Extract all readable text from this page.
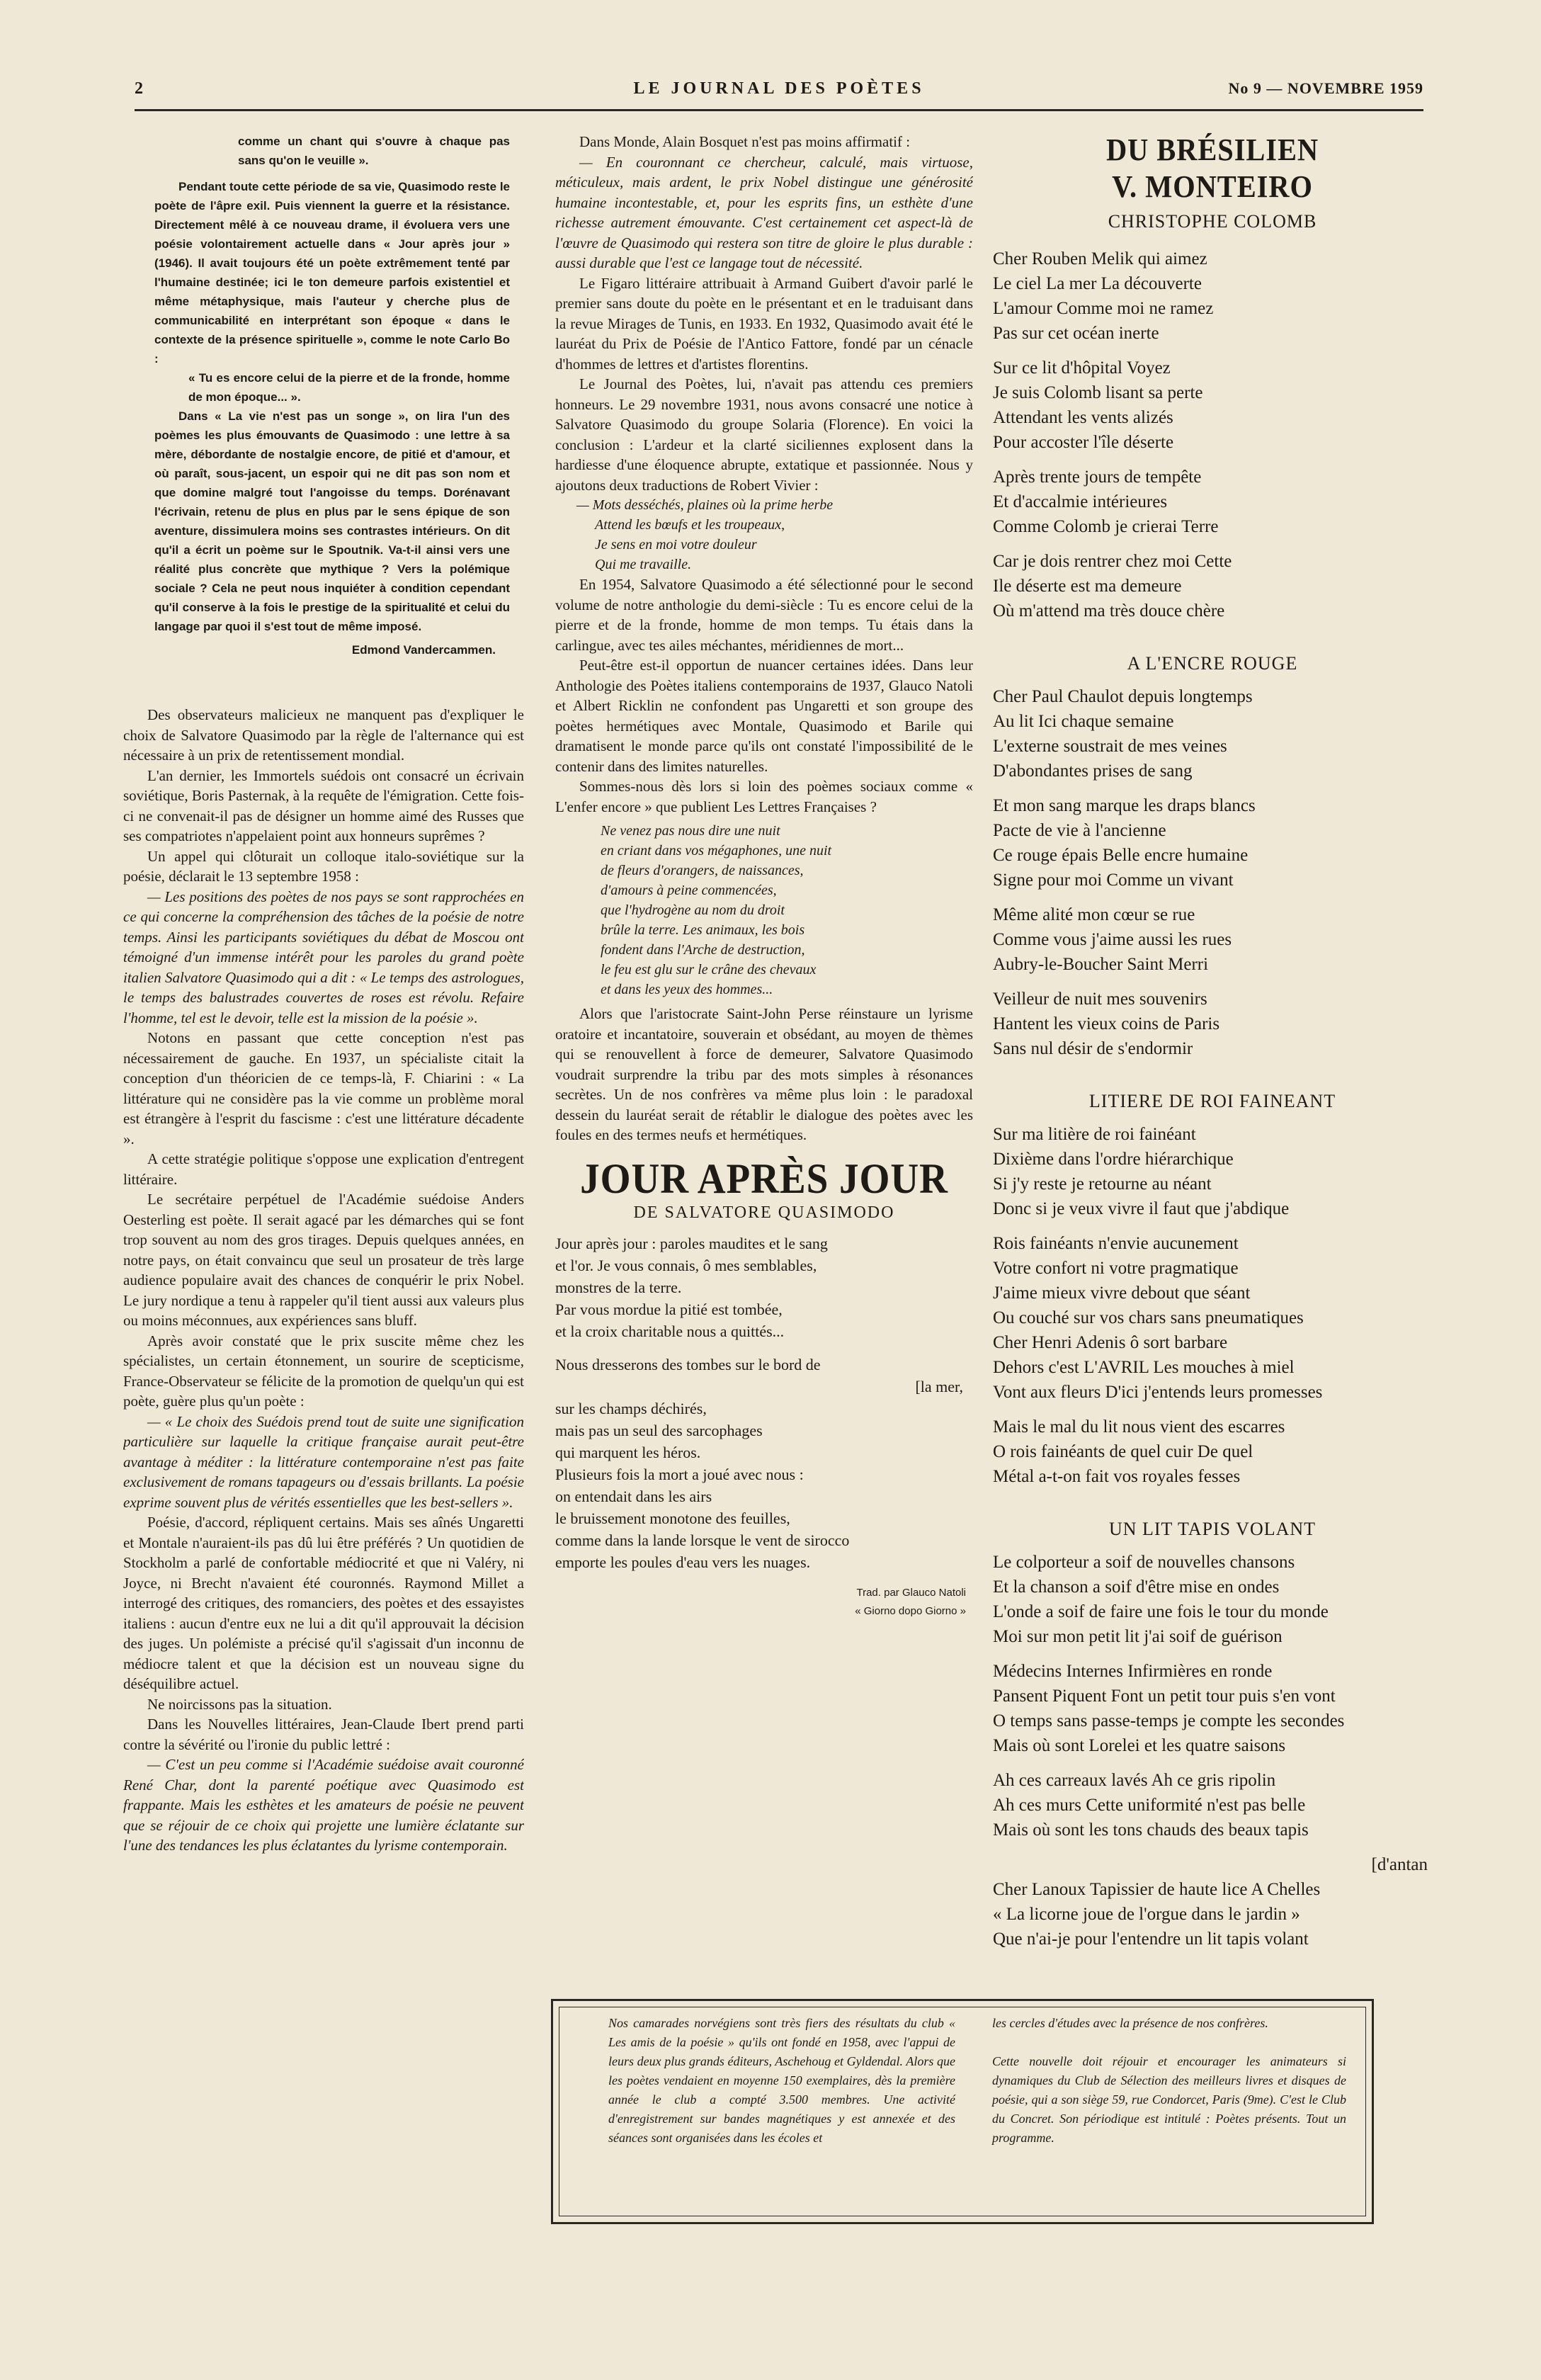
2	LE JOURNAL DES POÈTES	No 9 — NOVEMBRE 1959

comme un chant qui s'ouvre à chaque pas sans qu'on le veuille ».

Pendant toute cette période de sa vie, Quasimodo reste le poète de l'âpre exil. Puis viennent la guerre et la résistance. Directement mêlé à ce nouveau drame, il évoluera vers une poésie volontairement actuelle dans « Jour après jour » (1946). Il avait toujours été un poète extrêmement tenté par l'humaine destinée; ici le ton demeure parfois existentiel et même métaphysique, mais l'auteur y cherche plus de communicabilité en interprétant son époque « dans le contexte de la présence spirituelle », comme le note Carlo Bo :

« Tu es encore celui de la pierre et de la fronde, homme de mon époque... ».

Dans « La vie n'est pas un songe », on lira l'un des poèmes les plus émouvants de Quasimodo : une lettre à sa mère, débordante de nostalgie encore, de pitié et d'amour, et où paraît, sous-jacent, un espoir qui ne dit pas son nom et que domine malgré tout l'angoisse du temps. Dorénavant l'écrivain, retenu de plus en plus par le sens épique de son aventure, dissimulera moins ses contrastes intérieurs. On dit qu'il a écrit un poème sur le Spoutnik. Va-t-il ainsi vers une réalité plus concrète que mythique ? Vers la polémique sociale ? Cela ne peut nous inquiéter à condition cependant qu'il conserve à la fois le prestige de la spiritualité et celui du langage par quoi il s'est tout de même imposé.

Edmond Vandercammen.

Des observateurs malicieux ne manquent pas d'expliquer le choix de Salvatore Quasimodo par la règle de l'alternance qui est nécessaire à un prix de retentissement mondial.

L'an dernier, les Immortels suédois ont consacré un écrivain soviétique, Boris Pasternak, à la requête de l'émigration. Cette fois-ci ne convenait-il pas de désigner un homme aimé des Russes que ses compatriotes n'appelaient point aux honneurs suprêmes ?

Un appel qui clôturait un colloque italo-soviétique sur la poésie, déclarait le 13 septembre 1958 :

— Les positions des poètes de nos pays se sont rapprochées en ce qui concerne la compréhension des tâches de la poésie de notre temps. Ainsi les participants soviétiques du débat de Moscou ont témoigné d'un immense intérêt pour les paroles du grand poète italien Salvatore Quasimodo qui a dit : « Le temps des astrologues, le temps des balustrades couvertes de roses est révolu. Refaire l'homme, tel est le devoir, telle est la mission de la poésie ».

Notons en passant que cette conception n'est pas nécessairement de gauche. En 1937, un spécialiste citait la conception d'un théoricien de ce temps-là, F. Chiarini : « La littérature qui ne considère pas la vie comme un problème moral est étrangère à l'esprit du fascisme : c'est une littérature décadente ».

A cette stratégie politique s'oppose une explication d'entregent littéraire.

Le secrétaire perpétuel de l'Académie suédoise Anders Oesterling est poète. Il serait agacé par les démarches qui se font trop souvent au nom des gros tirages. Depuis quelques années, en notre pays, on était convaincu que seul un prosateur de très large audience populaire avait des chances de conquérir le prix Nobel. Le jury nordique a tenu à rappeler qu'il tient aussi aux valeurs plus ou moins méconnues, aux expériences sans bluff.

Après avoir constaté que le prix suscite même chez les spécialistes, un certain étonnement, un sourire de scepticisme, France-Observateur se félicite de la promotion de quelqu'un qui est poète, guère plus qu'un poète :

— « Le choix des Suédois prend tout de suite une signification particulière sur laquelle la critique française aurait peut-être avantage à méditer : la littérature contemporaine n'est pas faite exclusivement de romans tapageurs ou d'essais brillants. La poésie exprime souvent plus de vérités essentielles que les best-sellers ».

Poésie, d'accord, répliquent certains. Mais ses aînés Ungaretti et Montale n'auraient-ils pas dû lui être préférés ? Un quotidien de Stockholm a parlé de confortable médiocrité et que ni Valéry, ni Joyce, ni Brecht n'avaient été couronnés. Raymond Millet a interrogé des critiques, des romanciers, des poètes et des essayistes italiens : aucun d'entre eux ne lui a dit qu'il approuvait la décision des juges. Un polémiste a précisé qu'il s'agissait d'un inconnu de médiocre talent et que la décision est un nouveau signe du déséquilibre actuel.

Ne noircissons pas la situation.

Dans les Nouvelles littéraires, Jean-Claude Ibert prend parti contre la sévérité ou l'ironie du public lettré :

— C'est un peu comme si l'Académie suédoise avait couronné René Char, dont la parenté poétique avec Quasimodo est frappante. Mais les esthètes et les amateurs de poésie ne peuvent que se réjouir de ce choix qui projette une lumière éclatante sur l'une des tendances les plus éclatantes du lyrisme contemporain.

Dans Monde, Alain Bosquet n'est pas moins affirmatif :

— En couronnant ce chercheur, calculé, mais virtuose, méticuleux, mais ardent, le prix Nobel distingue une générosité humaine incontestable, et, pour les esprits fins, un esthète d'une richesse autrement émouvante. C'est certainement cet aspect-là de l'œuvre de Quasimodo qui restera son titre de gloire le plus durable : aussi durable que l'est ce langage tout de nécessité.

Le Figaro littéraire attribuait à Armand Guibert d'avoir parlé le premier sans doute du poète en le présentant et en le traduisant dans la revue Mirages de Tunis, en 1933. En 1932, Quasimodo avait été le lauréat du Prix de Poésie de l'Antico Fattore, fondé par un cénacle d'hommes de lettres et d'artistes florentins.

Le Journal des Poètes, lui, n'avait pas attendu ces premiers honneurs. Le 29 novembre 1931, nous avons consacré une notice à Salvatore Quasimodo du groupe Solaria (Florence). En voici la conclusion : L'ardeur et la clarté siciliennes explosent dans la hardiesse d'une éloquence abrupte, extatique et passionnée. Nous y ajoutons deux traductions de Robert Vivier :

— Mots desséchés, plaines où la prime herbe

Attend les bœufs et les troupeaux,

Je sens en moi votre douleur

Qui me travaille.

En 1954, Salvatore Quasimodo a été sélectionné pour le second volume de notre anthologie du demi-siècle : Tu es encore celui de la pierre et de la fronde, homme de mon temps. Tu étais dans la carlingue, avec tes ailes méchantes, méridiennes de mort...

Peut-être est-il opportun de nuancer certaines idées. Dans leur Anthologie des Poètes italiens contemporains de 1937, Glauco Natoli et Albert Ricklin ne confondent pas Ungaretti et son groupe des poètes hermétiques avec Montale, Quasimodo et Barile qui dramatisent le monde parce qu'ils ont constaté l'impossibilité de le contenir dans des limites naturelles.

Sommes-nous dès lors si loin des poèmes sociaux comme « L'enfer encore » que publient Les Lettres Françaises ?

Ne venez pas nous dire une nuit

en criant dans vos mégaphones, une nuit

de fleurs d'orangers, de naissances,

d'amours à peine commencées,

que l'hydrogène au nom du droit

brûle la terre. Les animaux, les bois

fondent dans l'Arche de destruction,

le feu est glu sur le crâne des chevaux

et dans les yeux des hommes...

Alors que l'aristocrate Saint-John Perse réinstaure un lyrisme oratoire et incantatoire, souverain et obsédant, au moyen de thèmes qui se renouvellent à force de demeurer, Salvatore Quasimodo voudrait surprendre la tribu par des mots simples à résonances secrètes. Un de nos confrères va même plus loin : le paradoxal dessein du lauréat serait de rétablir le dialogue des poètes avec les foules en des termes neufs et hermétiques.

JOUR APRÈS JOUR
DE SALVATORE QUASIMODO

Jour après jour : paroles maudites et le sang

et l'or. Je vous connais, ô mes semblables,

monstres de la terre.

Par vous mordue la pitié est tombée,

et la croix charitable nous a quittés...

Nous dresserons des tombes sur le bord de

[la mer,

sur les champs déchirés,

mais pas un seul des sarcophages

qui marquent les héros.

Plusieurs fois la mort a joué avec nous :

on entendait dans les airs

le bruissement monotone des feuilles,

comme dans la lande lorsque le vent de sirocco

emporte les poules d'eau vers les nuages.

Trad. par Glauco Natoli
« Giorno dopo Giorno »
DU BRÉSILIEN
V. MONTEIRO
CHRISTOPHE COLOMB

Cher Rouben Melik qui aimez

Le ciel La mer La découverte

L'amour Comme moi ne ramez

Pas sur cet océan inerte

Sur ce lit d'hôpital Voyez

Je suis Colomb lisant sa perte

Attendant les vents alizés

Pour accoster l'île déserte

Après trente jours de tempête

Et d'accalmie intérieures

Comme Colomb je crierai Terre

Car je dois rentrer chez moi Cette

Ile déserte est ma demeure

Où m'attend ma très douce chère

A L'ENCRE ROUGE

Cher Paul Chaulot depuis longtemps

Au lit Ici chaque semaine

L'externe soustrait de mes veines

D'abondantes prises de sang

Et mon sang marque les draps blancs

Pacte de vie à l'ancienne

Ce rouge épais Belle encre humaine

Signe pour moi Comme un vivant

Même alité mon cœur se rue

Comme vous j'aime aussi les rues

Aubry-le-Boucher Saint Merri

Veilleur de nuit mes souvenirs

Hantent les vieux coins de Paris

Sans nul désir de s'endormir

LITIERE DE ROI FAINEANT

Sur ma litière de roi fainéant

Dixième dans l'ordre hiérarchique

Si j'y reste je retourne au néant

Donc si je veux vivre il faut que j'abdique

Rois fainéants n'envie aucunement

Votre confort ni votre pragmatique

J'aime mieux vivre debout que séant

Ou couché sur vos chars sans pneumatiques

Cher Henri Adenis ô sort barbare

Dehors c'est L'AVRIL Les mouches à miel

Vont aux fleurs D'ici j'entends leurs promesses

Mais le mal du lit nous vient des escarres

O rois fainéants de quel cuir De quel

Métal a-t-on fait vos royales fesses

UN LIT TAPIS VOLANT

Le colporteur a soif de nouvelles chansons

Et la chanson a soif d'être mise en ondes

L'onde a soif de faire une fois le tour du monde

Moi sur mon petit lit j'ai soif de guérison

Médecins Internes Infirmières en ronde

Pansent Piquent Font un petit tour puis s'en vont

O temps sans passe-temps je compte les secondes

Mais où sont Lorelei et les quatre saisons

Ah ces carreaux lavés Ah ce gris ripolin

Ah ces murs Cette uniformité n'est pas belle

Mais où sont les tons chauds des beaux tapis

[d'antan

Cher Lanoux Tapissier de haute lice A Chelles

« La licorne joue de l'orgue dans le jardin »

Que n'ai-je pour l'entendre un lit tapis volant

Nos camarades norvégiens sont très fiers des résultats du club « Les amis de la poésie » qu'ils ont fondé en 1958, avec l'appui de leurs deux plus grands éditeurs, Aschehoug et Gyldendal. Alors que les poètes vendaient en moyenne 150 exemplaires, dès la première année le club a compté 3.500 membres. Une activité d'enregistrement sur bandes magnétiques y est annexée et des séances sont organisées dans les écoles et
les cercles d'études avec la présence de nos confrères.
Cette nouvelle doit réjouir et encourager les animateurs si dynamiques du Club de Sélection des meilleurs livres et disques de poésie, qui a son siège 59, rue Condorcet, Paris (9me). C'est le Club du Concret. Son périodique est intitulé : Poètes présents. Tout un programme.
